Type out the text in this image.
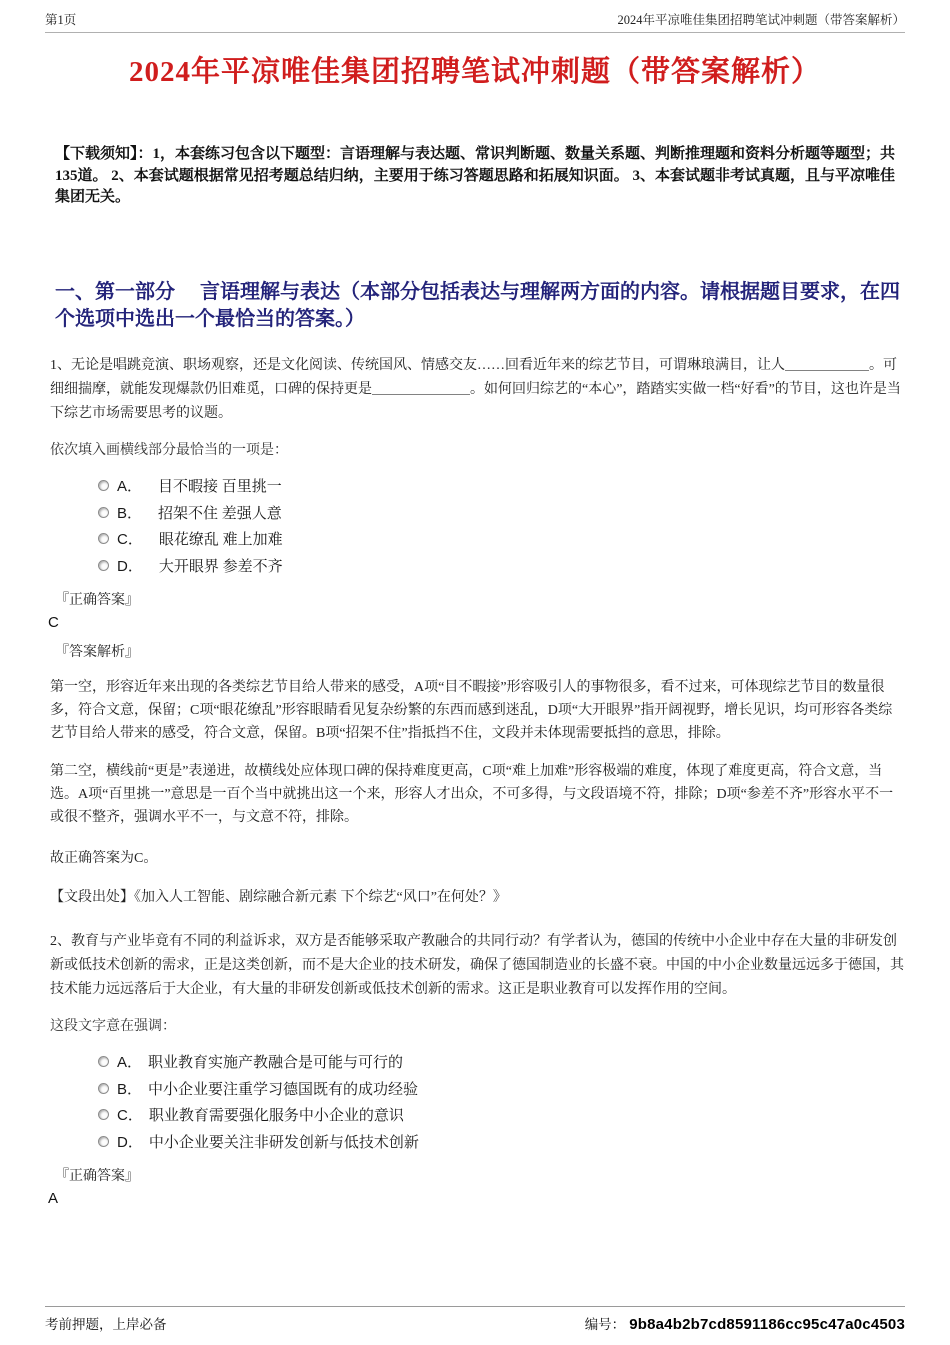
第1页	2024年平凉唯佳集团招聘笔试冲刺题（带答案解析）
2024年平凉唯佳集团招聘笔试冲刺题（带答案解析）

【下载须知】：1，本套练习包含以下题型：言语理解与表达题、常识判断题、数量关系题、判断推理题和资料分析题等题型；共135道。 2、本套试题根据常见招考题总结归纳，主要用于练习答题思路和拓展知识面。 3、本套试题非考试真题，且与平凉唯佳集团无关。

一、第一部分　 言语理解与表达（本部分包括表达与理解两方面的内容。请根据题目要求，在四个选项中选出一个最恰当的答案。）

1、无论是唱跳竞演、职场观察，还是文化阅读、传统国风、情感交友……回看近年来的综艺节目，可谓琳琅满目，让人＿＿＿＿＿＿。可细细揣摩，就能发现爆款仍旧难觅，口碑的保持更是＿＿＿＿＿＿＿。如何回归综艺的“本心”，踏踏实实做一档“好看”的节目，这也许是当下综艺市场需要思考的议题。

依次填入画横线部分最恰当的一项是：

A． 目不暇接 百里挑一
B． 招架不住 差强人意
C． 眼花缭乱 难上加难
D． 大开眼界 参差不齐

『正确答案』

C

『答案解析』

第一空，形容近年来出现的各类综艺节目给人带来的感受，A项“目不暇接”形容吸引人的事物很多，看不过来，可体现综艺节目的数量很多，符合文意，保留；C项“眼花缭乱”形容眼睛看见复杂纷繁的东西而感到迷乱，D项“大开眼界”指开阔视野，增长见识，均可形容各类综艺节目给人带来的感受，符合文意，保留。B项“招架不住”指抵挡不住，文段并未体现需要抵挡的意思，排除。

第二空，横线前“更是”表递进，故横线处应体现口碑的保持难度更高，C项“难上加难”形容极端的难度，体现了难度更高，符合文意，当选。A项“百里挑一”意思是一百个当中就挑出这一个来，形容人才出众，不可多得，与文段语境不符，排除；D项“参差不齐”形容水平不一或很不整齐，强调水平不一，与文意不符，排除。

故正确答案为C。

【文段出处】《加入人工智能、剧综融合新元素 下个综艺“风口”在何处？》

2、教育与产业毕竟有不同的利益诉求，双方是否能够采取产教融合的共同行动？有学者认为，德国的传统中小企业中存在大量的非研发创新或低技术创新的需求，正是这类创新，而不是大企业的技术研发，确保了德国制造业的长盛不衰。中国的中小企业数量远远多于德国，其技术能力远远落后于大企业，有大量的非研发创新或低技术创新的需求。这正是职业教育可以发挥作用的空间。

这段文字意在强调：

A． 职业教育实施产教融合是可能与可行的
B． 中小企业要注重学习德国既有的成功经验
C． 职业教育需要强化服务中小企业的意识
D． 中小企业要关注非研发创新与低技术创新

『正确答案』

A

考前押题，上岸必备	编号： 9b8a4b2b7cd8591186cc95c47a0c4503
